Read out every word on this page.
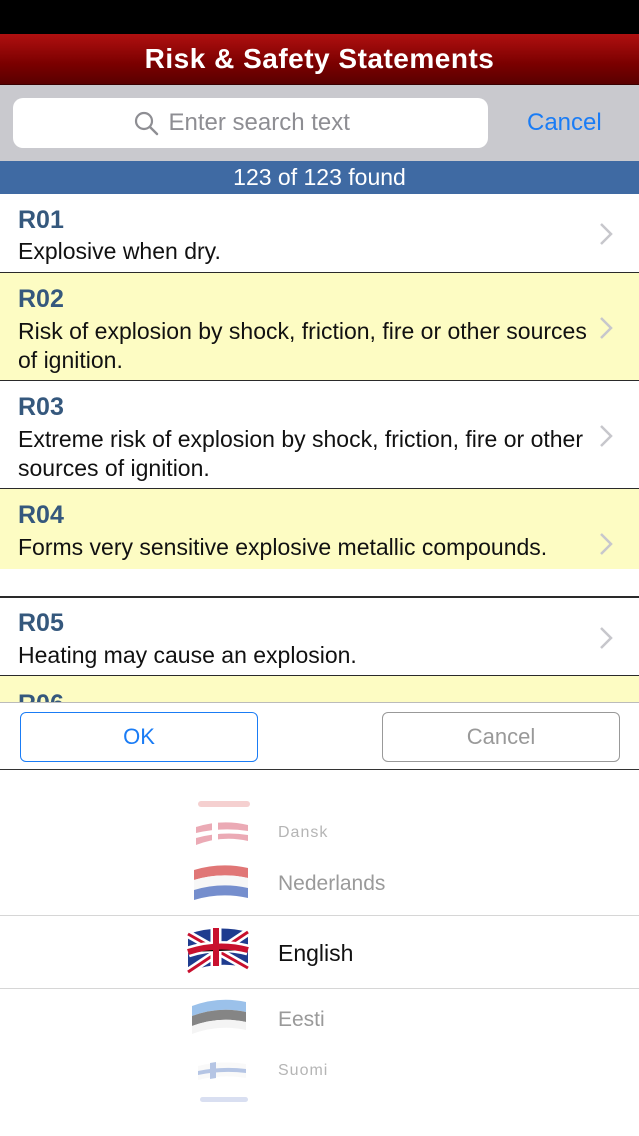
Risk & Safety Statements
Enter search text
Cancel
123 of 123 found
R01
Explosive when dry.
R02
Risk of explosion by shock, friction, fire or other sources of ignition.
R03
Extreme risk of explosion by shock, friction, fire or other sources of ignition.
R04
Forms very sensitive explosive metallic compounds.
R05
Heating may cause an explosion.
OK	Cancel
Dansk
Nederlands
English
Eesti
Suomi
